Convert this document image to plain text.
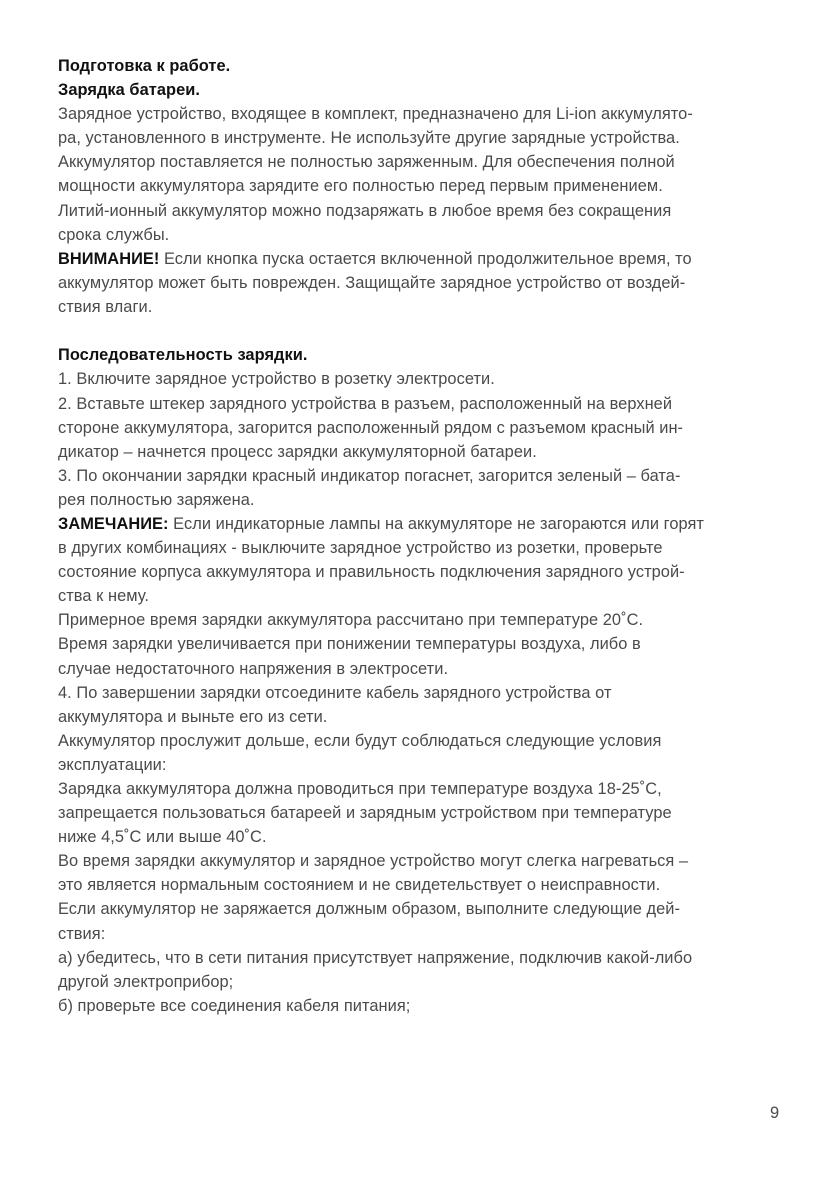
Подготовка к работе.
Зарядка батареи.
Зарядное устройство, входящее в комплект, предназначено для Li-ion аккумулято-
ра, установленного в инструменте. Не используйте другие зарядные устройства.
Аккумулятор поставляется не полностью заряженным. Для обеспечения полной
мощности аккумулятора зарядите его полностью перед первым применением.
Литий-ионный аккумулятор можно подзаряжать в любое время без сокращения
срока службы.
ВНИМАНИЕ! Если кнопка пуска остается включенной продолжительное время, то
аккумулятор может быть поврежден. Защищайте зарядное устройство от воздей-
ствия влаги.
Последовательность зарядки.
1. Включите зарядное устройство в розетку электросети.
2. Вставьте штекер зарядного устройства в разъем, расположенный на верхней
стороне аккумулятора, загорится расположенный рядом с разъемом красный ин-
дикатор – начнется процесс зарядки аккумуляторной батареи.
3. По окончании зарядки красный индикатор погаснет, загорится зеленый – бата-
рея полностью заряжена.
ЗАМЕЧАНИЕ: Если индикаторные лампы на аккумуляторе не загораются или горят
в других комбинациях - выключите зарядное устройство из розетки, проверьте
состояние корпуса аккумулятора и правильность подключения зарядного устрой-
ства к нему.
Примерное время зарядки аккумулятора рассчитано при температуре 20˚С.
Время зарядки увеличивается при понижении температуры воздуха, либо в
случае недостаточного напряжения в электросети.
4. По завершении зарядки отсоедините кабель зарядного устройства от
аккумулятора и выньте его из сети.
Аккумулятор прослужит дольше, если будут соблюдаться следующие условия
эксплуатации:
Зарядка аккумулятора должна проводиться при температуре воздуха 18-25˚С,
запрещается пользоваться батареей и зарядным устройством при температуре
ниже 4,5˚С или выше 40˚С.
Во время зарядки аккумулятор и зарядное устройство могут слегка нагреваться –
это является нормальным состоянием и не свидетельствует о неисправности.
Если аккумулятор не заряжается должным образом, выполните следующие дей-
ствия:
а) убедитесь, что в сети питания присутствует напряжение, подключив какой-либо
другой электроприбор;
б) проверьте все соединения кабеля питания;
9
